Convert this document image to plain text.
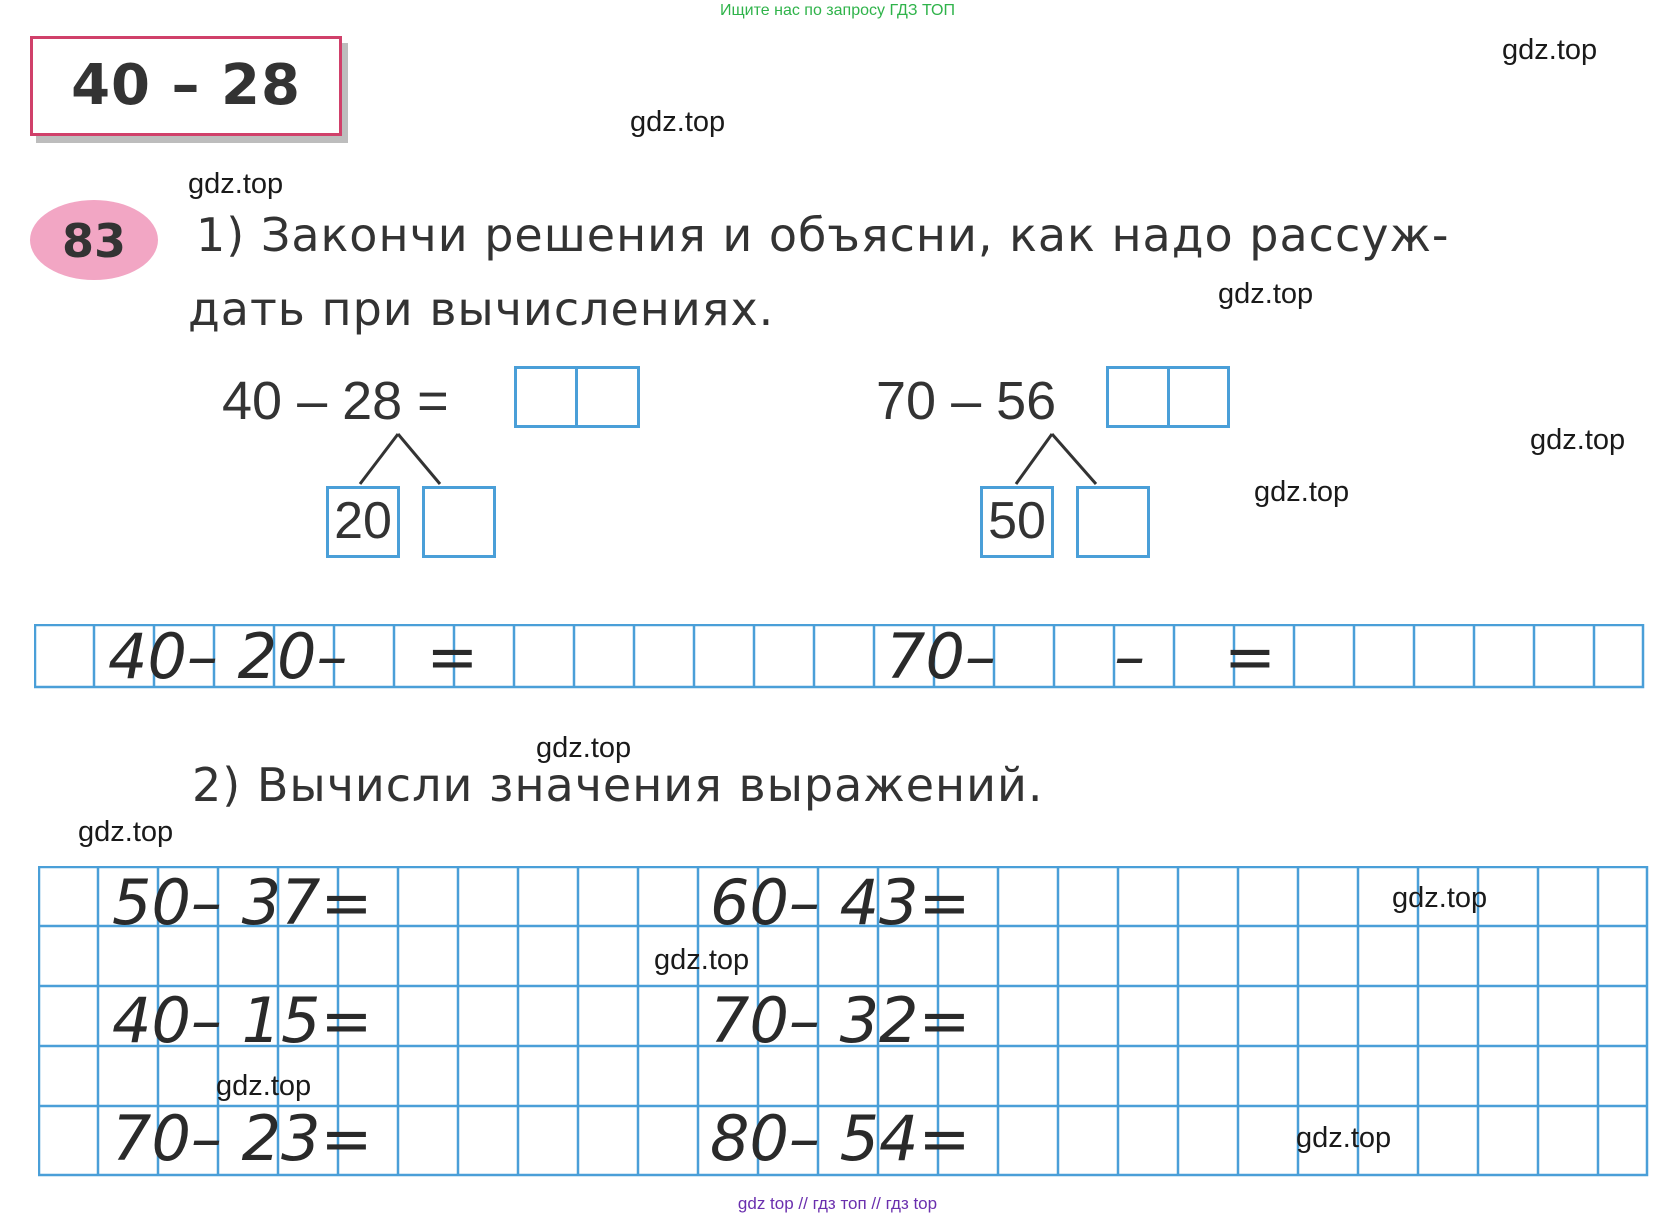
Ищите нас по запросу ГДЗ ТОП
40 – 28
83	1) Закончи решения и объясни, как надо рассуж-
дать при вычислениях.
40 – 28 =
20
70 – 56
50
40– 20–    =	70–      –    =
2) Вычисли значения выражений.
50– 37=
40– 15=
70– 23=
60– 43=
70– 32=
80– 54=
gdz.top
gdz.top
gdz.top
gdz.top
gdz.top
gdz.top
gdz.top
gdz.top
gdz.top
gdz.top
gdz.top
gdz.top
gdz top // гдз топ // гдз top
